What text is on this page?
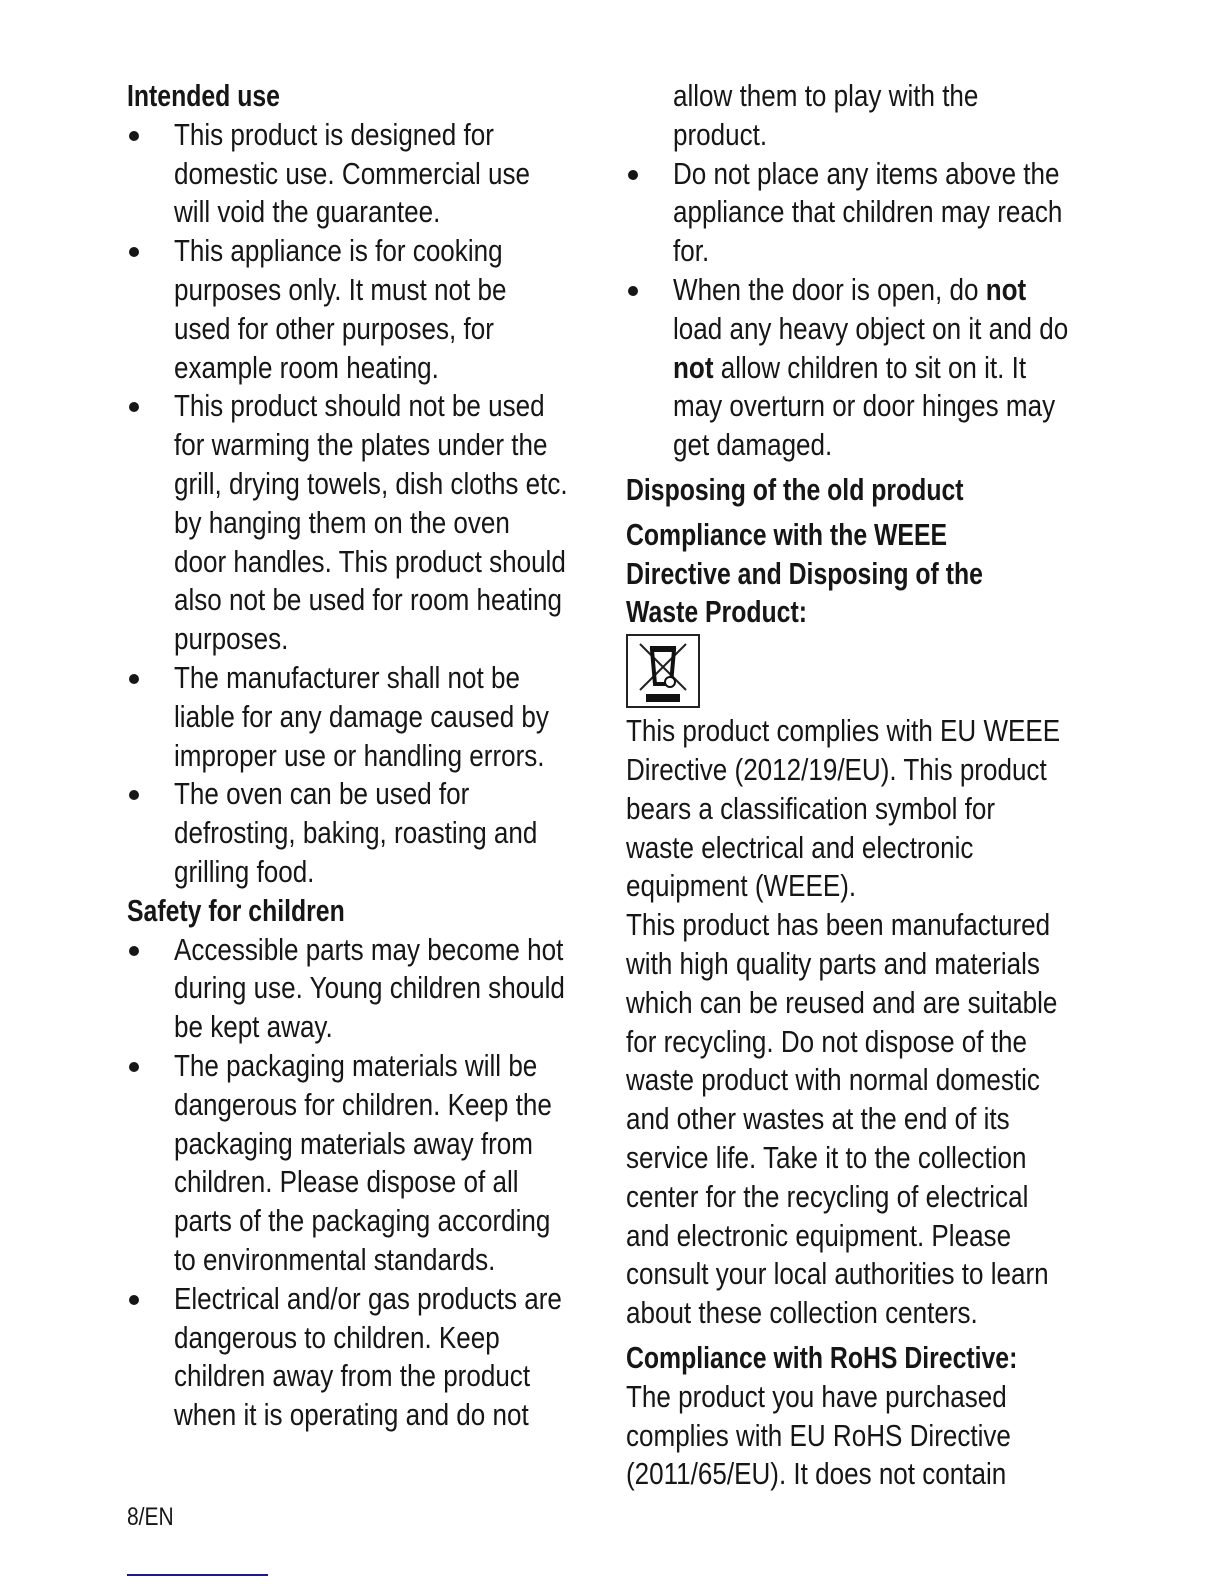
Intended use
This product is designed for
domestic use. Commercial use
will void the guarantee.
This appliance is for cooking
purposes only. It must not be
used for other purposes, for
example room heating.
This product should not be used
for warming the plates under the
grill, drying towels, dish cloths etc.
by hanging them on the oven
door handles. This product should
also not be used for room heating
purposes.
The manufacturer shall not be
liable for any damage caused by
improper use or handling errors.
The oven can be used for
defrosting, baking, roasting and
grilling food.
Safety for children
Accessible parts may become hot
during use. Young children should
be kept away.
The packaging materials will be
dangerous for children. Keep the
packaging materials away from
children. Please dispose of all
parts of the packaging according
to environmental standards.
Electrical and/or gas products are
dangerous to children. Keep
children away from the product
when it is operating and do not
allow them to play with the
product.
Do not place any items above the
appliance that children may reach
for.
When the door is open, do not
load any heavy object on it and do
not allow children to sit on it. It
may overturn or door hinges may
get damaged.
Disposing of the old product
Compliance with the WEEE
Directive and Disposing of the
Waste Product:
This product complies with EU WEEE
Directive (2012/19/EU). This product
bears a classification symbol for
waste electrical and electronic
equipment (WEEE).
This product has been manufactured
with high quality parts and materials
which can be reused and are suitable
for recycling. Do not dispose of the
waste product with normal domestic
and other wastes at the end of its
service life. Take it to the collection
center for the recycling of electrical
and electronic equipment. Please
consult your local authorities to learn
about these collection centers.
Compliance with RoHS Directive:
The product you have purchased
complies with EU RoHS Directive
(2011/65/EU). It does not contain
8/EN
